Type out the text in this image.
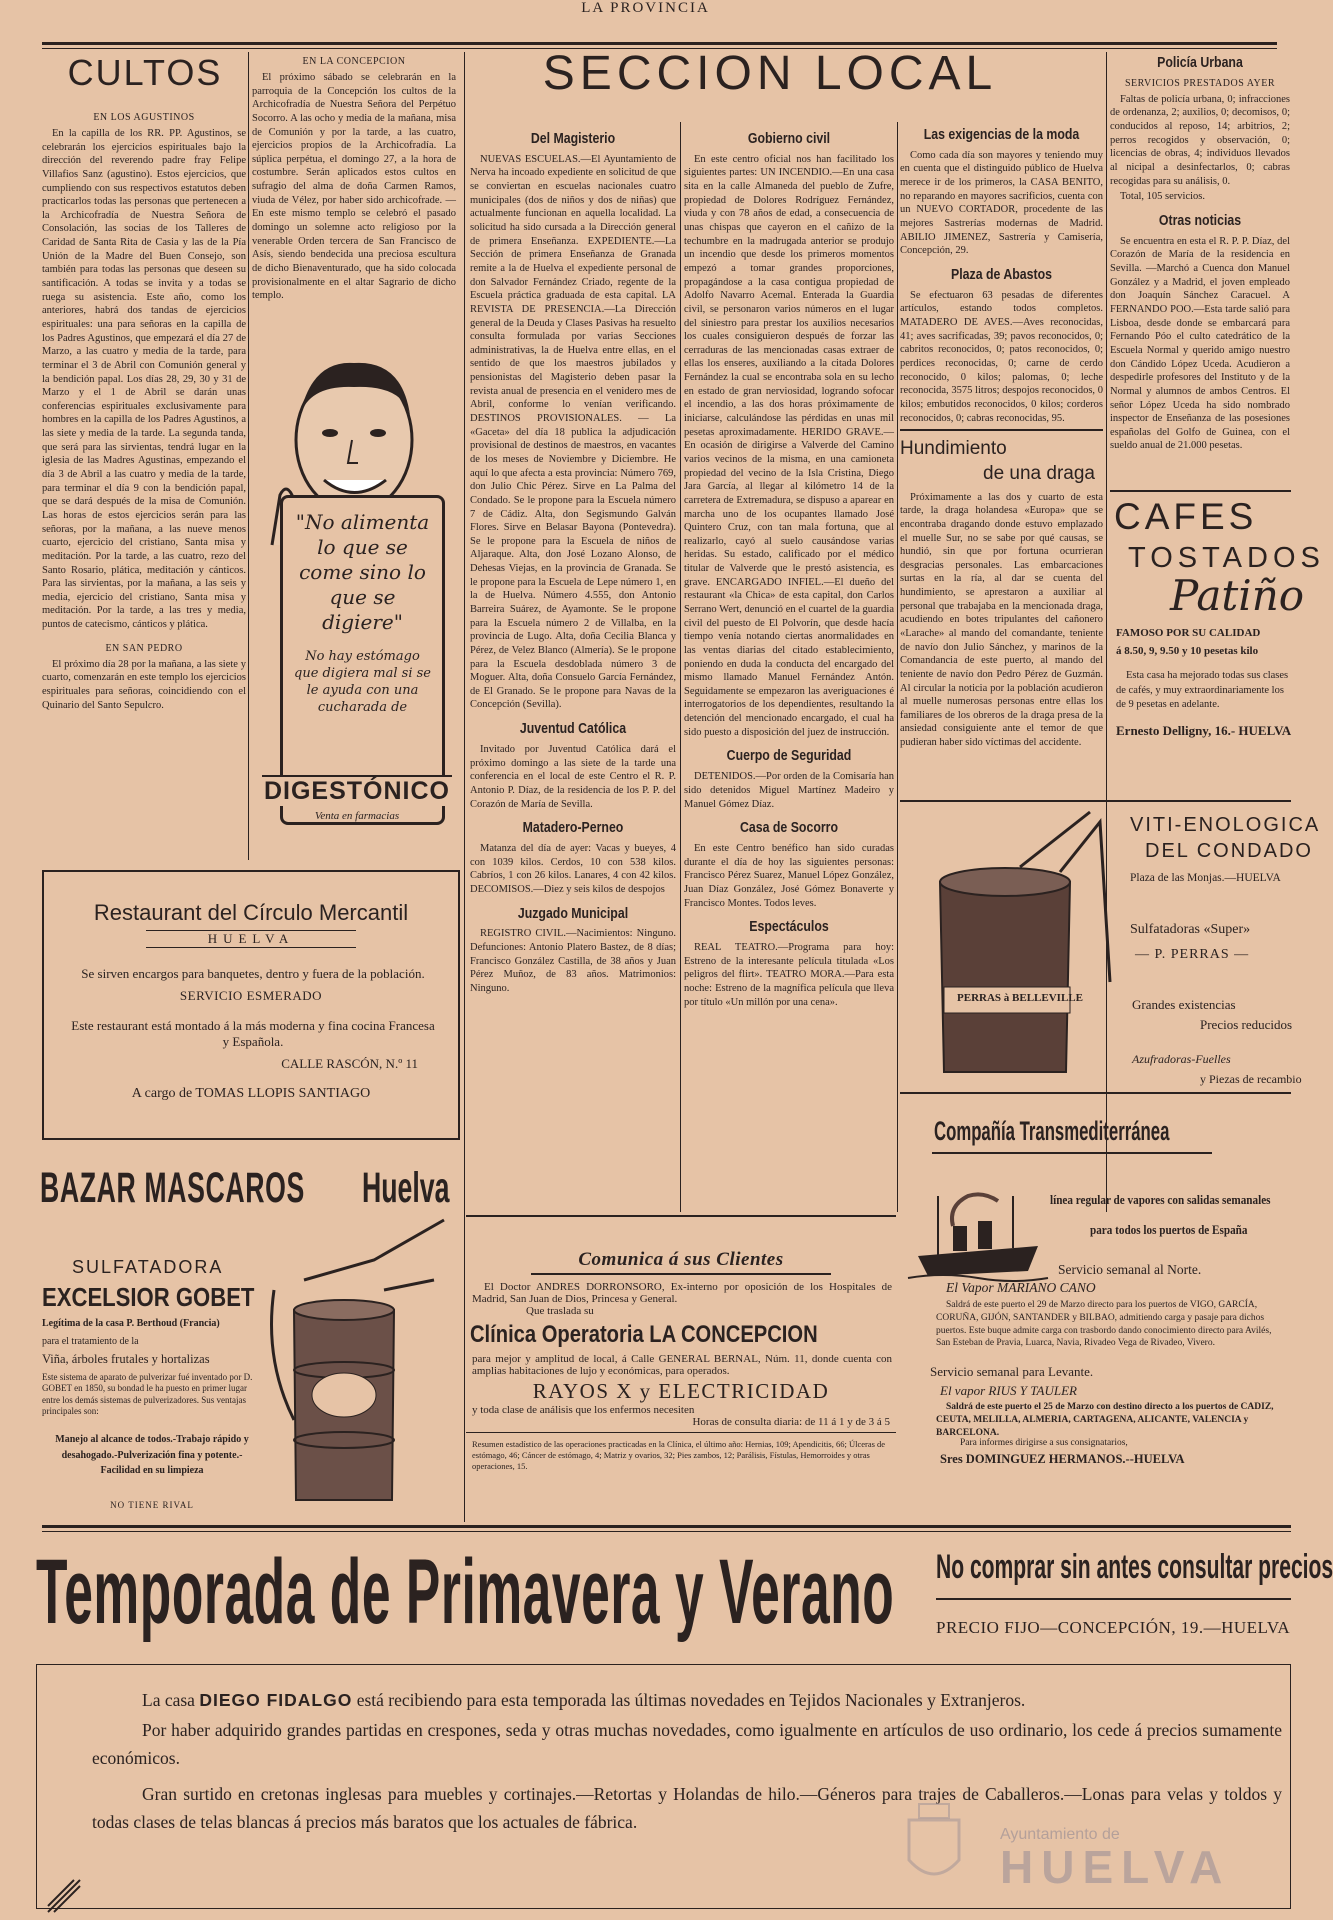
LA PROVINCIA
CULTOS
EN LOS AGUSTINOS

En la capilla de los RR. PP. Agustinos, se celebrarán los ejercicios espirituales bajo la dirección del reverendo padre fray Felipe Villafios Sanz (agustino). Estos ejercicios, que cumpliendo con sus respectivos estatutos deben practicarlos todas las personas que pertenecen a la Archicofradía de Nuestra Señora de Consolación, las socias de los Talleres de Caridad de Santa Rita de Casia y las de la Pía Unión de la Madre del Buen Consejo, son también para todas las personas que deseen su santificación. A todas se invita y a todas se ruega su asistencia. Este año, como los anteriores, habrá dos tandas de ejercicios espirituales: una para señoras en la capilla de los Padres Agustinos, que empezará el día 27 de Marzo, a las cuatro y media de la tarde, para terminar el 3 de Abril con Comunión general y la bendición papal. Los días 28, 29, 30 y 31 de Marzo y el 1 de Abril se darán unas conferencias espirituales exclusivamente para hombres en la capilla de los Padres Agustinos, a las siete y media de la tarde. La segunda tanda, que será para las sirvientas, tendrá lugar en la iglesia de las Madres Agustinas, empezando el día 3 de Abril a las cuatro y media de la tarde, para terminar el día 9 con la bendición papal, que se dará después de la misa de Comunión. Las horas de estos ejercicios serán para las señoras, por la mañana, a las nueve menos cuarto, ejercicio del cristiano, Santa misa y meditación. Por la tarde, a las cuatro, rezo del Santo Rosario, plática, meditación y cánticos. Para las sirvientas, por la mañana, a las seis y media, ejercicio del cristiano, Santa misa y meditación. Por la tarde, a las tres y media, puntos de catecismo, cánticos y plática.

EN SAN PEDRO

El próximo día 28 por la mañana, a las siete y cuarto, comenzarán en este templo los ejercicios espirituales para señoras, coincidiendo con el Quinario del Santo Sepulcro.

EN LA CONCEPCION

El próximo sábado se celebrarán en la parroquia de la Concepción los cultos de la Archicofradía de Nuestra Señora del Perpétuo Socorro. A las ocho y media de la mañana, misa de Comunión y por la tarde, a las cuatro, ejercicios propios de la Archicofradía. La súplica perpétua, el domingo 27, a la hora de costumbre. Serán aplicados estos cultos en sufragio del alma de doña Carmen Ramos, viuda de Vélez, por haber sido archicofrade. —En este mismo templo se celebró el pasado domingo un solemne acto religioso por la venerable Orden tercera de San Francisco de Asís, siendo bendecida una preciosa escultura de dicho Bienaventurado, que ha sido colocada provisionalmente en el altar Sagrario de dicho templo.

"No alimenta lo que se come sino lo que se digiere"
No hay estómago que digiera mal si se le ayuda con una cucharada de
DIGESTÓNICO
Venta en farmacias
Restaurant del Círculo Mercantil
HUELVA
Se sirven encargos para banquetes, dentro y fuera de la población.
SERVICIO ESMERADO
Este restaurant está montado á la más moderna y fina cocina Francesa y Española.
CALLE RASCÓN, N.º 11
A cargo de TOMAS LLOPIS SANTIAGO
BAZAR MASCAROS Huelva
SULFATADORA
EXCELSIOR GOBET
Legítima de la casa P. Berthoud (Francia)
para el tratamiento de la
Viña, árboles frutales y hortalizas
Este sistema de aparato de pulverizar fué inventado por D. GOBET en 1850, su bondad le ha puesto en primer lugar entre los demás sistemas de pulverizadores. Sus ventajas principales son:
Manejo al alcance de todos.-Trabajo rápido y desahogado.-Pulverización fina y potente.-Facilidad en su limpieza
NO TIENE RIVAL
SECCION LOCAL
Del Magisterio

NUEVAS ESCUELAS.—El Ayuntamiento de Nerva ha incoado expediente en solicitud de que se conviertan en escuelas nacionales cuatro municipales (dos de niños y dos de niñas) que actualmente funcionan en aquella localidad. La solicitud ha sido cursada a la Dirección general de primera Enseñanza. EXPEDIENTE.—La Sección de primera Enseñanza de Granada remite a la de Huelva el expediente personal de don Salvador Fernández Criado, regente de la Escuela práctica graduada de esta capital. LA REVISTA DE PRESENCIA.—La Dirección general de la Deuda y Clases Pasivas ha resuelto consulta formulada por varias Secciones administrativas, la de Huelva entre ellas, en el sentido de que los maestros jubilados y pensionistas del Magisterio deben pasar la revista anual de presencia en el venidero mes de Abril, conforme lo venían verificando. DESTINOS PROVISIONALES. — La «Gaceta» del día 18 publica la adjudicación provisional de destinos de maestros, en vacantes de los meses de Noviembre y Diciembre. He aquí lo que afecta a esta provincia: Número 769, don Julio Chic Pérez. Sirve en La Palma del Condado. Se le propone para la Escuela número 7 de Cádiz. Alta, don Segismundo Galván Flores. Sirve en Belasar Bayona (Pontevedra). Se le propone para la Escuela de niños de Aljaraque. Alta, don José Lozano Alonso, de Dehesas Viejas, en la provincia de Granada. Se le propone para la Escuela de Lepe número 1, en la de Huelva. Número 4.555, don Antonio Barreira Suárez, de Ayamonte. Se le propone para la Escuela número 2 de Villalba, en la provincia de Lugo. Alta, doña Cecilia Blanca y Pérez, de Velez Blanco (Almería). Se le propone para la Escuela desdoblada número 3 de Moguer. Alta, doña Consuelo García Fernández, de El Granado. Se le propone para Navas de la Concepción (Sevilla).

Juventud Católica

Invitado por Juventud Católica dará el próximo domingo a las siete de la tarde una conferencia en el local de este Centro el R. P. Antonio P. Díaz, de la residencia de los P. P. del Corazón de María de Sevilla.

Matadero-Perneo

Matanza del día de ayer: Vacas y bueyes, 4 con 1039 kilos. Cerdos, 10 con 538 kilos. Cabríos, 1 con 26 kilos. Lanares, 4 con 42 kilos. DECOMISOS.—Diez y seis kilos de despojos

Juzgado Municipal

REGISTRO CIVIL.—Nacimientos: Ninguno. Defunciones: Antonio Platero Bastez, de 8 días; Francisco González Castilla, de 38 años y Juan Pérez Muñoz, de 83 años. Matrimonios: Ninguno.

Gobierno civil

En este centro oficial nos han facilitado los siguientes partes: UN INCENDIO.—En una casa sita en la calle Almaneda del pueblo de Zufre, propiedad de Dolores Rodríguez Fernández, viuda y con 78 años de edad, a consecuencia de unas chispas que cayeron en el cañizo de la techumbre en la madrugada anterior se produjo un incendio que desde los primeros momentos empezó a tomar grandes proporciones, propagándose a la casa contigua propiedad de Adolfo Navarro Acemal. Enterada la Guardia civil, se personaron varios números en el lugar del siniestro para prestar los auxilios necesarios los cuales consiguieron después de forzar las cerraduras de las mencionadas casas extraer de ellas los enseres, auxiliando a la citada Dolores Fernández la cual se encontraba sola en su lecho en estado de gran nerviosidad, logrando sofocar el incendio, a las dos horas próximamente de iniciarse, calculándose las pérdidas en unas mil pesetas aproximadamente. HERIDO GRAVE.—En ocasión de dirigirse a Valverde del Camino varios vecinos de la misma, en una camioneta propiedad del vecino de la Isla Cristina, Diego Jara García, al llegar al kilómetro 14 de la carretera de Extremadura, se dispuso a aparear en marcha uno de los ocupantes llamado José Quintero Cruz, con tan mala fortuna, que al realizarlo, cayó al suelo causándose varias heridas. Su estado, calificado por el médico titular de Valverde que le prestó asistencia, es grave. ENCARGADO INFIEL.—El dueño del restaurant «la Chica» de esta capital, don Carlos Serrano Wert, denunció en el cuartel de la guardia civil del puesto de El Polvorín, que desde hacía tiempo venía notando ciertas anormalidades en las ventas diarias del citado establecimiento, poniendo en duda la conducta del encargado del mismo llamado Manuel Fernández Antón. Seguidamente se empezaron las averiguaciones é interrogatorios de los dependientes, resultando la detención del mencionado encargado, el cual ha sido puesto a disposición del juez de instrucción.

Cuerpo de Seguridad

DETENIDOS.—Por orden de la Comisaría han sido detenidos Miguel Martínez Madeiro y Manuel Gómez Díaz.

Casa de Socorro

En este Centro benéfico han sido curadas durante el día de hoy las siguientes personas: Francisco Pérez Suarez, Manuel López González, Juan Díaz González, José Gómez Bonaverte y Francisco Montes. Todos leves.

Espectáculos

REAL TEATRO.—Programa para hoy: Estreno de la interesante película titulada «Los peligros del flirt». TEATRO MORA.—Para esta noche: Estreno de la magnífica película que lleva por título «Un millón por una cena».

Las exigencias de la moda

Como cada día son mayores y teniendo muy en cuenta que el distinguido público de Huelva merece ir de los primeros, la CASA BENITO, no reparando en mayores sacrificios, cuenta con un NUEVO CORTADOR, procedente de las mejores Sastrerías modernas de Madrid. ABILIO JIMENEZ, Sastrería y Camisería, Concepción, 29.

Plaza de Abastos

Se efectuaron 63 pesadas de diferentes artículos, estando todos completos. MATADERO DE AVES.—Aves reconocidas, 41; aves sacrificadas, 39; pavos reconocidos, 0; cabritos reconocidos, 0; patos reconocidos, 0; perdices reconocidas, 0; carne de cerdo reconocido, 0 kilos; palomas, 0; leche reconocida, 3575 litros; despojos reconocidos, 0 kilos; embutidos reconocidos, 0 kilos; corderos reconocidos, 0; cabras reconocidas, 95.

Hundimiento
de una draga

Próximamente a las dos y cuarto de esta tarde, la draga holandesa «Europa» que se encontraba dragando donde estuvo emplazado el muelle Sur, no se sabe por qué causas, se hundió, sin que por fortuna ocurrieran desgracias personales. Las embarcaciones surtas en la ría, al dar se cuenta del hundimiento, se aprestaron a auxiliar al personal que trabajaba en la mencionada draga, acudiendo en botes tripulantes del cañonero «Larache» al mando del comandante, teniente de navío don Julio Sánchez, y marinos de la Comandancia de este puerto, al mando del teniente de navío don Pedro Pérez de Guzmán. Al circular la noticia por la población acudieron al muelle numerosas personas entre ellas los familiares de los obreros de la draga presa de la ansiedad consiguiente ante el temor de que pudieran haber sido víctimas del accidente.

Policía Urbana
SERVICIOS PRESTADOS AYER

Faltas de policía urbana, 0; infracciones de ordenanza, 2; auxilios, 0; decomisos, 0; conducidos al reposo, 14; arbitrios, 2; perros recogidos y observación, 0; licencias de obras, 4; individuos llevados al nicipal a desinfectarlos, 0; cabras recogidas para su análisis, 0.

Total, 105 servicios.

Otras noticias

Se encuentra en esta el R. P. P. Díaz, del Corazón de María de la residencia en Sevilla. —Marchó a Cuenca don Manuel González y a Madrid, el joven empleado don Joaquín Sánchez Caracuel. A FERNANDO POO.—Esta tarde salió para Lisboa, desde donde se embarcará para Fernando Póo el culto catedrático de la Escuela Normal y querido amigo nuestro don Cándido López Uceda. Acudieron a despedirle profesores del Instituto y de la Normal y alumnos de ambos Centros. El señor López Uceda ha sido nombrado inspector de Enseñanza de las posesiones españolas del Golfo de Guinea, con el sueldo anual de 21.000 pesetas.

CAFES
TOSTADOS
Patiño
FAMOSO POR SU CALIDAD
á 8.50, 9, 9.50 y 10 pesetas kilo
Esta casa ha mejorado todas sus clases de cafés, y muy extraordinariamente los de 9 pesetas en adelante.
Ernesto Delligny, 16.- HUELVA
PERRAS à BELLEVILLE
VITI-ENOLOGICA
DEL CONDADO
Plaza de las Monjas.—HUELVA
Sulfatadoras «Super»
— P. PERRAS —
Grandes existencias
Precios reducidos
Azufradoras-Fuelles
y Piezas de recambio
Compañía Transmediterránea
línea regular de vapores con salidas semanales
para todos los puertos de España
Servicio semanal al Norte.
El Vapor MARIANO CANO
Saldrá de este puerto el 29 de Marzo directo para los puertos de VIGO, GARCÍA, CORUÑA, GIJÓN, SANTANDER y BILBAO, admitiendo carga y pasaje para dichos puertos. Este buque admite carga con trasbordo dando conocimiento directo para Avilés, San Esteban de Pravia, Luarca, Navia, Rivadeo Vega de Rivadeo, Vivero.
Servicio semanal para Levante.
El vapor RIUS Y TAULER
Saldrá de este puerto el 25 de Marzo con destino directo a los puertos de CADIZ, CEUTA, MELILLA, ALMERIA, CARTAGENA, ALICANTE, VALENCIA y BARCELONA.
Para informes dirigirse a sus consignatarios,
Sres DOMINGUEZ HERMANOS.--HUELVA
Comunica á sus Clientes
El Doctor ANDRES DORRONSORO, Ex-interno por oposición de los Hospitales de Madrid, San Juan de Dios, Princesa y General.
Que traslada su
Clínica Operatoria LA CONCEPCION
para mejor y amplitud de local, á Calle GENERAL BERNAL, Núm. 11, donde cuenta con amplias habitaciones de lujo y económicas, para operados.
RAYOS X y ELECTRICIDAD
y toda clase de análisis que los enfermos necesiten
Horas de consulta diaria: de 11 á 1 y de 3 á 5
Resumen estadístico de las operaciones practicadas en la Clínica, el último año: Hernias, 109; Apendicitis, 66; Úlceras de estómago, 46; Cáncer de estómago, 4; Matriz y ovarios, 32; Pies zambos, 12; Parálisis, Fístulas, Hemorroides y otras operaciones, 15.
Temporada de Primavera y Verano No comprar sin antes consultar precios
PRECIO FIJO—CONCEPCIÓN, 19.—HUELVA
La casa DIEGO FIDALGO está recibiendo para esta temporada las últimas novedades en Tejidos Nacionales y Extranjeros.
Por haber adquirido grandes partidas en crespones, seda y otras muchas novedades, como igualmente en artículos de uso ordinario, los cede á precios sumamente económicos.
Gran surtido en cretonas inglesas para muebles y cortinajes.—Retortas y Holandas de hilo.—Géneros para trajes de Caballeros.—Lonas para velas y toldos y todas clases de telas blancas á precios más baratos que los actuales de fábrica.
Ayuntamiento de
HUELVA
